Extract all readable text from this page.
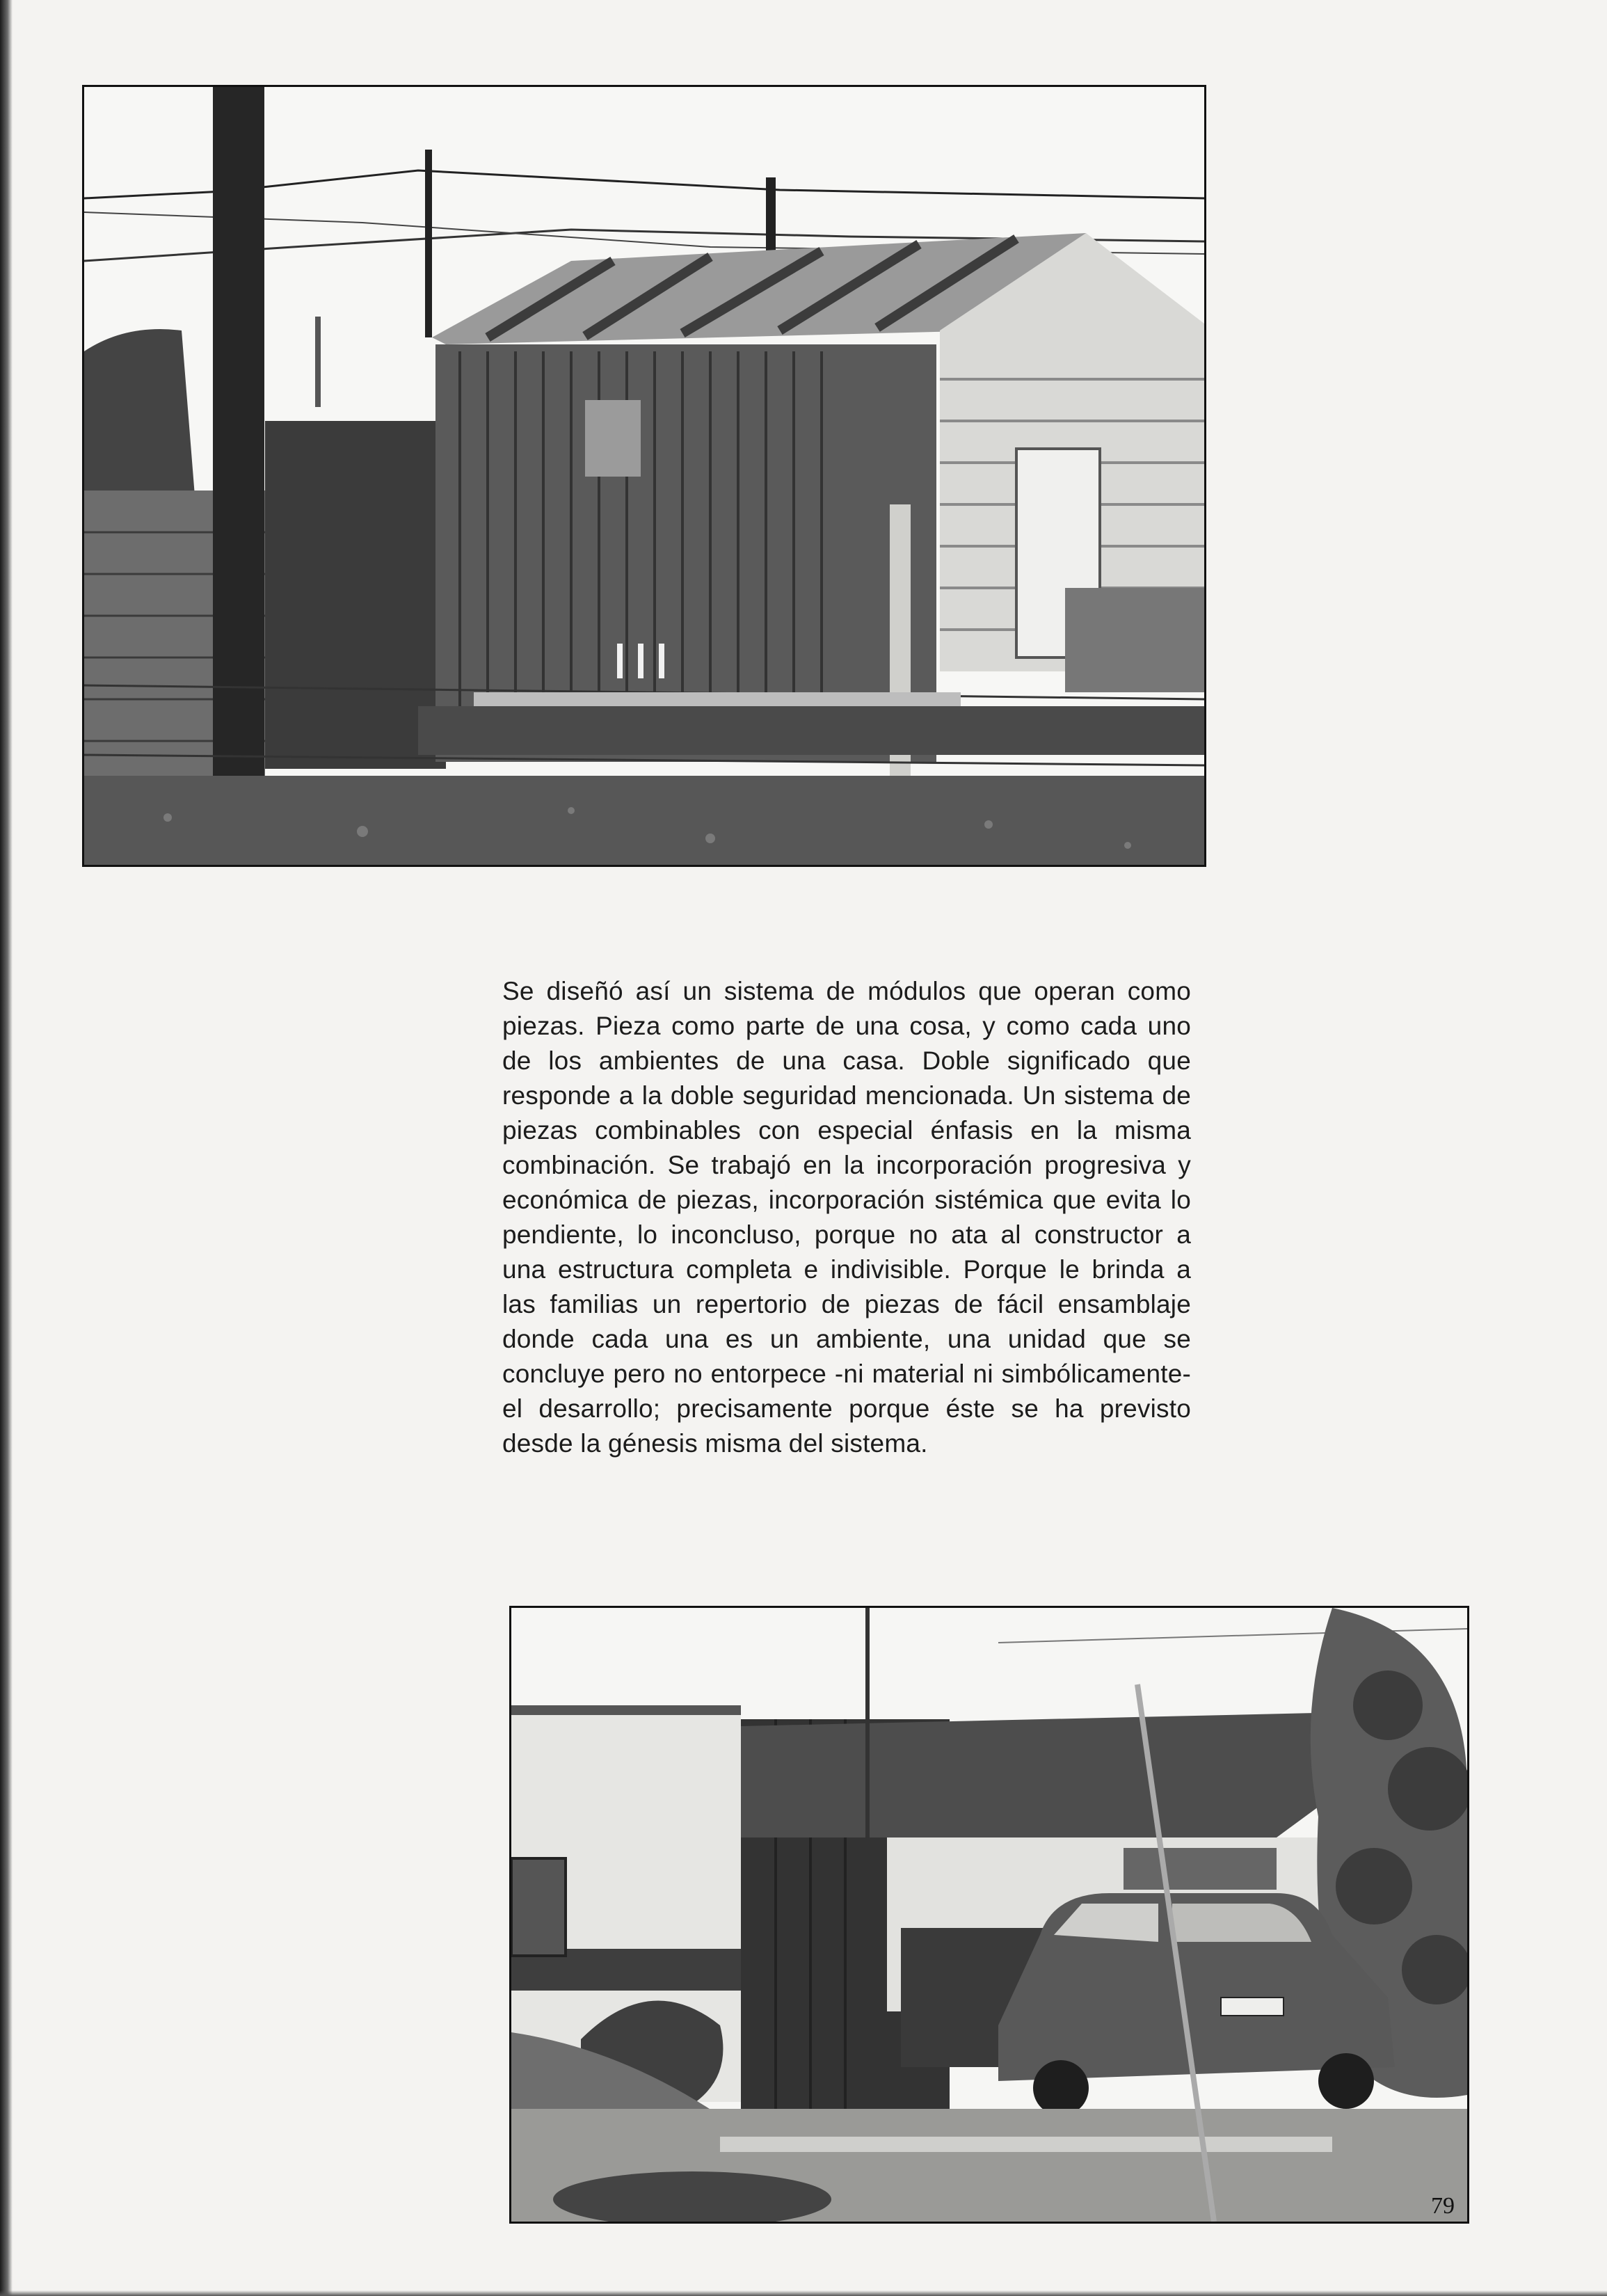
Se diseñó así un sistema de módulos que operan como piezas. Pieza como parte de una cosa, y como cada uno de los ambientes de una casa. Doble significado que responde a la doble seguridad mencionada. Un sistema de piezas combinables con especial énfasis en la misma combinación. Se trabajó en la incorporación progresiva y económica de piezas, incorporación sistémica que evita lo pendiente, lo inconcluso, porque no ata al constructor a una estructura completa e indivisible. Porque le brinda a las familias un repertorio de piezas de fácil ensamblaje donde cada una es un ambiente, una unidad que se concluye pero no entorpece -ni material ni simbólicamente- el desarrollo; precisamente porque éste se ha previsto desde la génesis misma del sistema.
79
